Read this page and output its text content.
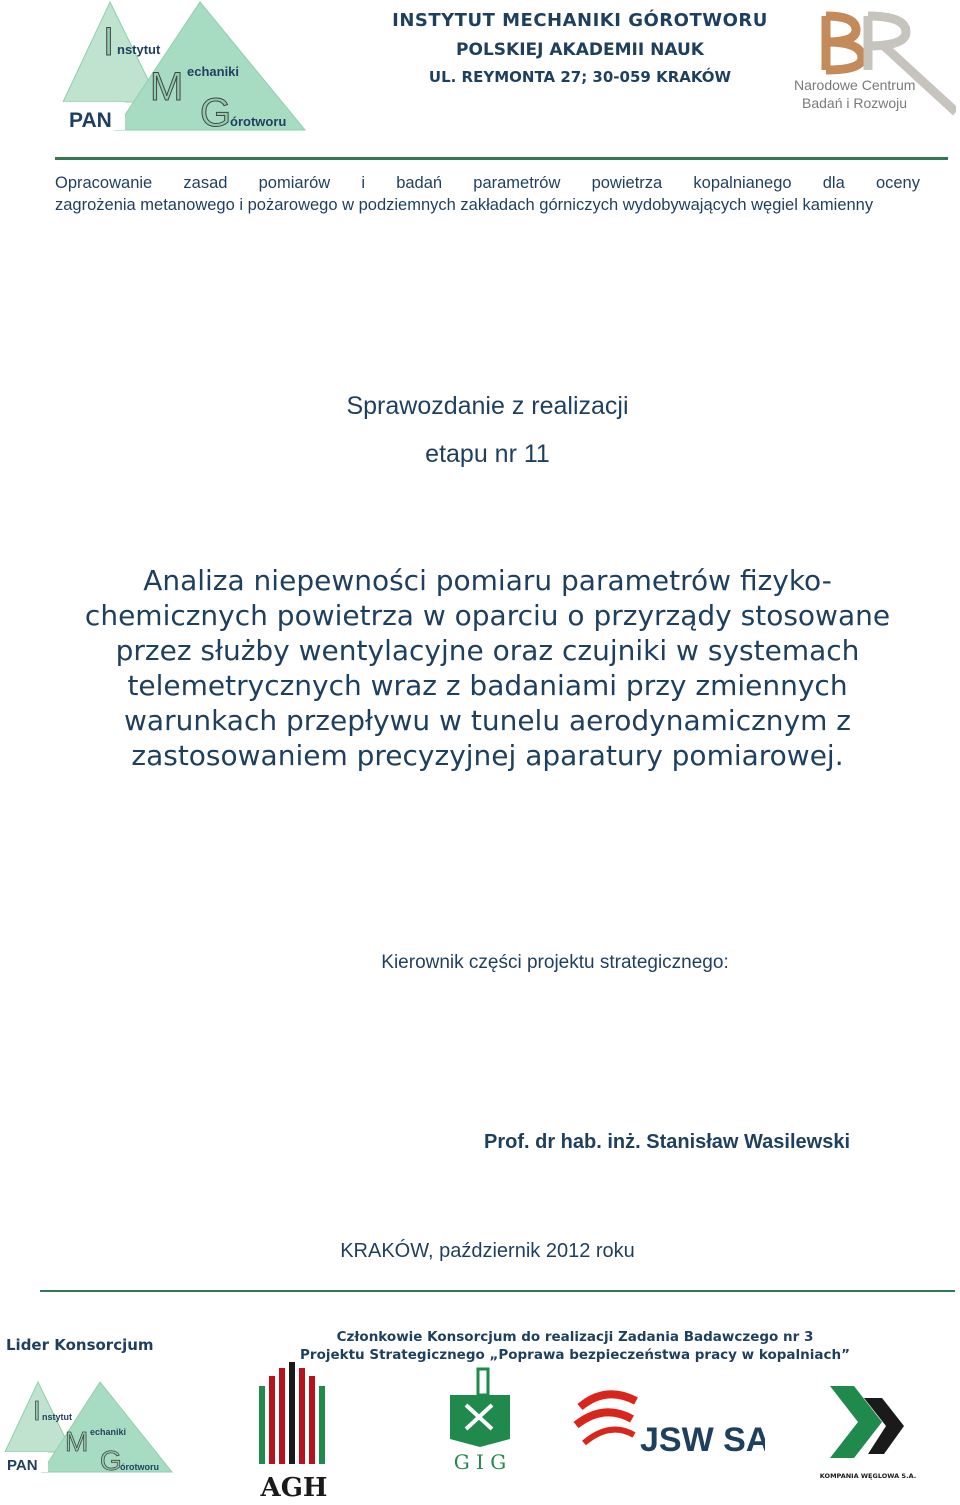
I nstytut
M echaniki
G
órotworu
PAN
INSTYTUT MECHANIKI GÓROTWORU
POLSKIEJ AKADEMII NAUK
UL. REYMONTA 27; 30-059 KRAKÓW	Narodowe Centrum
Badań i Rozwoju
Opracowanie zasad pomiarów i badań parametrów powietrza kopalnianego dla oceny
zagrożenia metanowego i pożarowego w podziemnych zakładach górniczych wydobywających węgiel kamienny
Sprawozdanie z realizacji
etapu nr 11
Analiza niepewności pomiaru parametrów fizyko-
chemicznych powietrza w oparciu o przyrządy stosowane
przez służby wentylacyjne oraz czujniki w systemach
telemetrycznych wraz z badaniami przy zmiennych
warunkach przepływu w tunelu aerodynamicznym z
zastosowaniem precyzyjnej aparatury pomiarowej.
Kierownik części projektu strategicznego:
Prof. dr hab. inż. Stanisław Wasilewski
KRAKÓW, październik 2012 roku
Lider Konsorcjum	Członkowie Konsorcjum do realizacji Zadania Badawczego nr 3
Projektu Strategicznego „Poprawa bezpieczeństwa pracy w kopalniach”
I nstytut
M echaniki
G
órotworu
PAN
AGH
G I G
JSW SA
KOMPANIA WĘGLOWA S.A.
